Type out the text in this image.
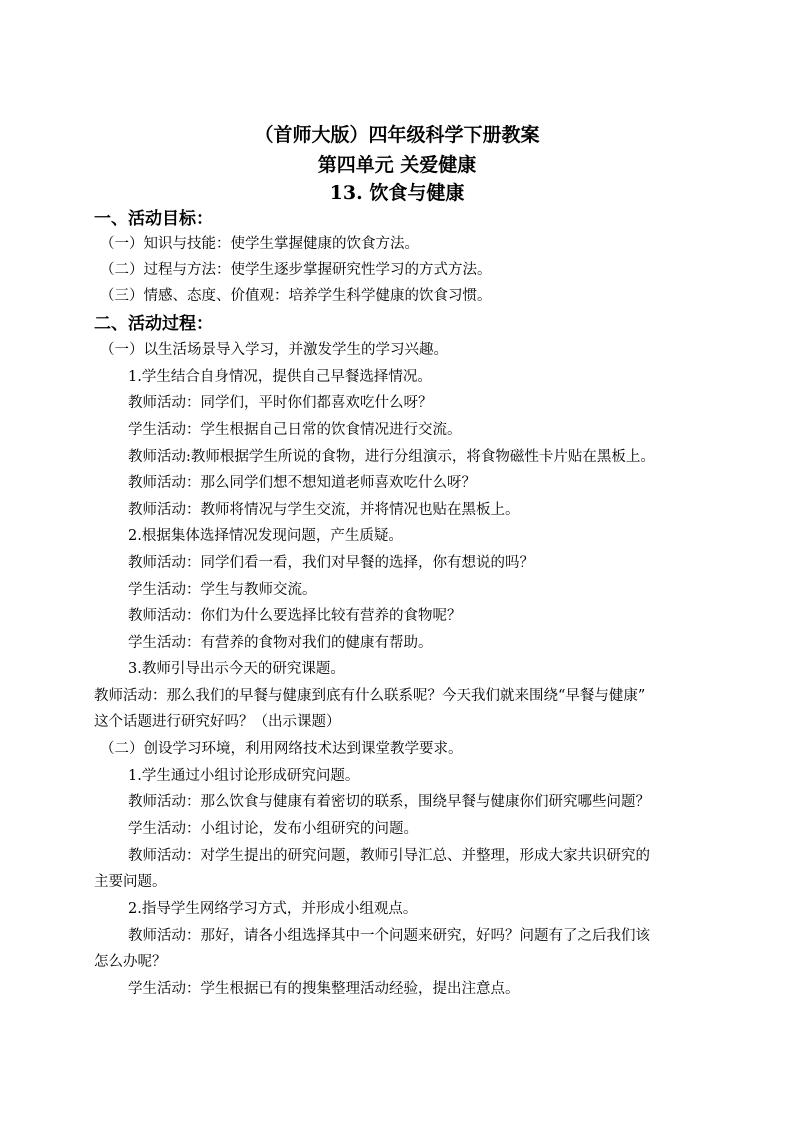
（首师大版）四年级科学下册教案
第四单元 关爱健康
13. 饮食与健康
一、活动目标：
（一）知识与技能：使学生掌握健康的饮食方法。
（二）过程与方法：使学生逐步掌握研究性学习的方式方法。
（三）情感、态度、价值观：培养学生科学健康的饮食习惯。
二、活动过程：
（一）以生活场景导入学习，并激发学生的学习兴趣。
1.学生结合自身情况，提供自己早餐选择情况。
教师活动：同学们，平时你们都喜欢吃什么呀？
学生活动：学生根据自己日常的饮食情况进行交流。
教师活动:教师根据学生所说的食物，进行分组演示，将食物磁性卡片贴在黑板上。
教师活动：那么同学们想不想知道老师喜欢吃什么呀？
教师活动：教师将情况与学生交流，并将情况也贴在黑板上。
2.根据集体选择情况发现问题，产生质疑。
教师活动：同学们看一看，我们对早餐的选择，你有想说的吗？
学生活动：学生与教师交流。
教师活动：你们为什么要选择比较有营养的食物呢？
学生活动：有营养的食物对我们的健康有帮助。
3.教师引导出示今天的研究课题。
教师活动：那么我们的早餐与健康到底有什么联系呢？今天我们就来围绕“早餐与健康”
这个话题进行研究好吗？（出示课题）
（二）创设学习环境，利用网络技术达到课堂教学要求。
1.学生通过小组讨论形成研究问题。
教师活动：那么饮食与健康有着密切的联系，围绕早餐与健康你们研究哪些问题？
学生活动：小组讨论，发布小组研究的问题。
教师活动：对学生提出的研究问题，教师引导汇总、并整理，形成大家共识研究的
主要问题。
2.指导学生网络学习方式，并形成小组观点。
教师活动：那好，请各小组选择其中一个问题来研究，好吗？问题有了之后我们该
怎么办呢？
学生活动：学生根据已有的搜集整理活动经验，提出注意点。
